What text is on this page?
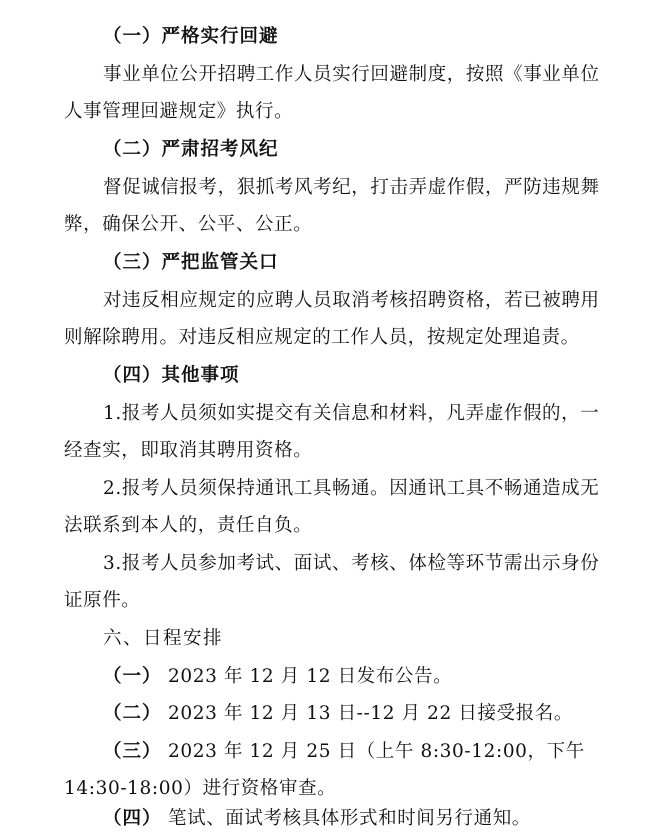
（一）严格实行回避
事业单位公开招聘工作人员实行回避制度，按照《事业单位
人事管理回避规定》执行。
（二）严肃招考风纪
督促诚信报考，狠抓考风考纪，打击弄虚作假，严防违规舞
弊，确保公开、公平、公正。
（三）严把监管关口
对违反相应规定的应聘人员取消考核招聘资格，若已被聘用
则解除聘用。对违反相应规定的工作人员，按规定处理追责。
（四）其他事项
1.报考人员须如实提交有关信息和材料，凡弄虚作假的，一
经查实，即取消其聘用资格。
2.报考人员须保持通讯工具畅通。因通讯工具不畅通造成无
法联系到本人的，责任自负。
3.报考人员参加考试、面试、考核、体检等环节需出示身份
证原件。
六、日程安排
（一） 2023 年 12 月 12 日发布公告。
（二） 2023 年 12 月 13 日--12 月 22 日接受报名。
（三） 2023 年 12 月 25 日（上午 8:30-12:00，下午
14:30-18:00）进行资格审查。
（四） 笔试、面试考核具体形式和时间另行通知。
